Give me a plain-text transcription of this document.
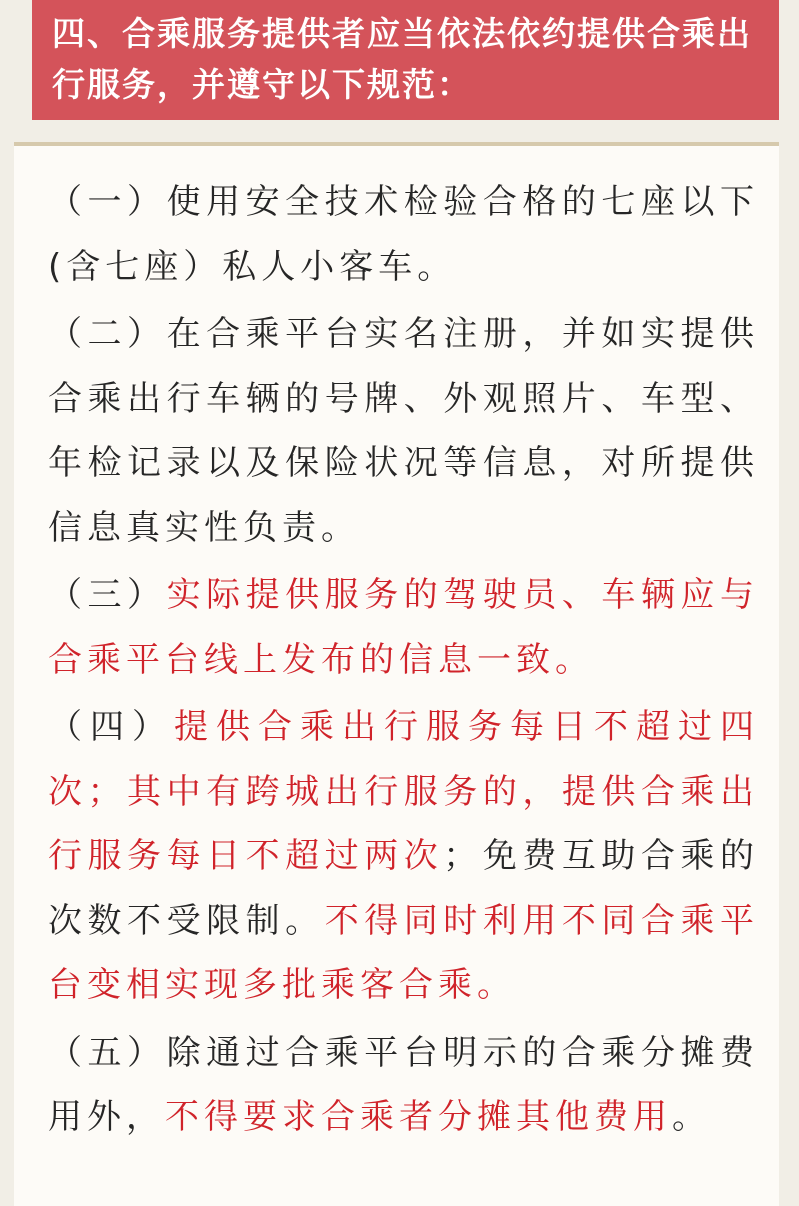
四、合乘服务提供者应当依法依约提供合乘出行服务，并遵守以下规范：

（一）使用安全技术检验合格的七座以下(含七座）私人小客车。

（二）在合乘平台实名注册，并如实提供合乘出行车辆的号牌、外观照片、车型、年检记录以及保险状况等信息，对所提供信息真实性负责。

（三）实际提供服务的驾驶员、车辆应与合乘平台线上发布的信息一致。

（四）提供合乘出行服务每日不超过四次；其中有跨城出行服务的，提供合乘出行服务每日不超过两次；免费互助合乘的次数不受限制。不得同时利用不同合乘平台变相实现多批乘客合乘。

（五）除通过合乘平台明示的合乘分摊费用外，不得要求合乘者分摊其他费用。
